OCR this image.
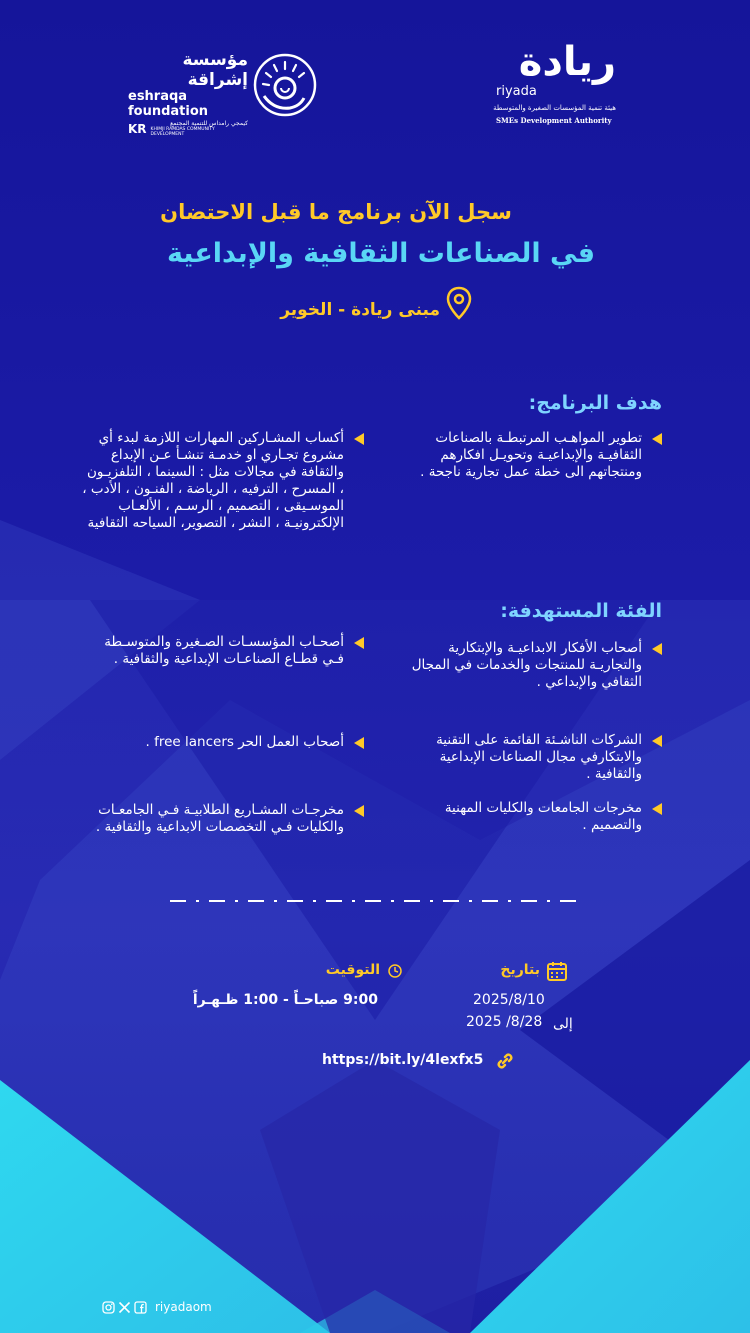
ريادة
riyada
هيئة تنمية المؤسسات الصغيرة والمتوسطة
SMEs Development Authority
مؤسسة إشراقة
eshraqa foundation
KR	كيمجي رامداس للتنمية المجتمع
KHIMJI RAMDAS COMMUNITY DEVELOPMENT
سجل الآن برنامج ما قبل الاحتضان
في الصناعات الثقافية والإبداعية
مبنى ريادة - الخوير
هدف البرنامج:
تطوير المواهـب المرتبطـة بالصناعات الثقافيـة والإبداعيـة وتحويـل افكارهم ومنتجاتهم الى خطة عمل تجارية ناجحة .
أكساب المشـاركين المهارات اللازمة لبدء أي مشروع تجـاري او خدمـة تنشـأ عـن الإبداع والثقافة في مجالات مثل : السينما ، التلفزيـون ، المسرح ، الترفيه ، الرياضة ، الفنـون ، الأدب ، الموسـيقى ، التصميم ، الرسـم ، الألعـاب الإلكترونيـة ، النشر ، التصوير، السياحه الثقافية
الفئة المستهدفة:
أصحاب الأفكار الابداعيـة والإبتكارية والتجاريـة للمنتجات والخدمات في المجال الثقافي والإبداعي .
أصحـاب المؤسسـات الصـغيرة والمتوسـطة فـي قطـاع الصناعـات الإبداعية والثقافية .
الشركات الناشـئة القائمة على التقنية والابتكارفي مجال الصناعات الإبداعية والثقافية .
أصحاب العمل الحر free lancers .
مخرجات الجامعات والكليات المهنية والتصميم .
مخرجـات المشـاريع الطلابيـة فـي الجامعـات والكليات فـي التخصصات الابداعية والثقافية .
بتاريخ
2025/8/10
2025 /8/28 إلى
التوقيت
9:00 صباحـاً - 1:00 ظـهـراً
https://bit.ly/4lexfx5
riyadaom
